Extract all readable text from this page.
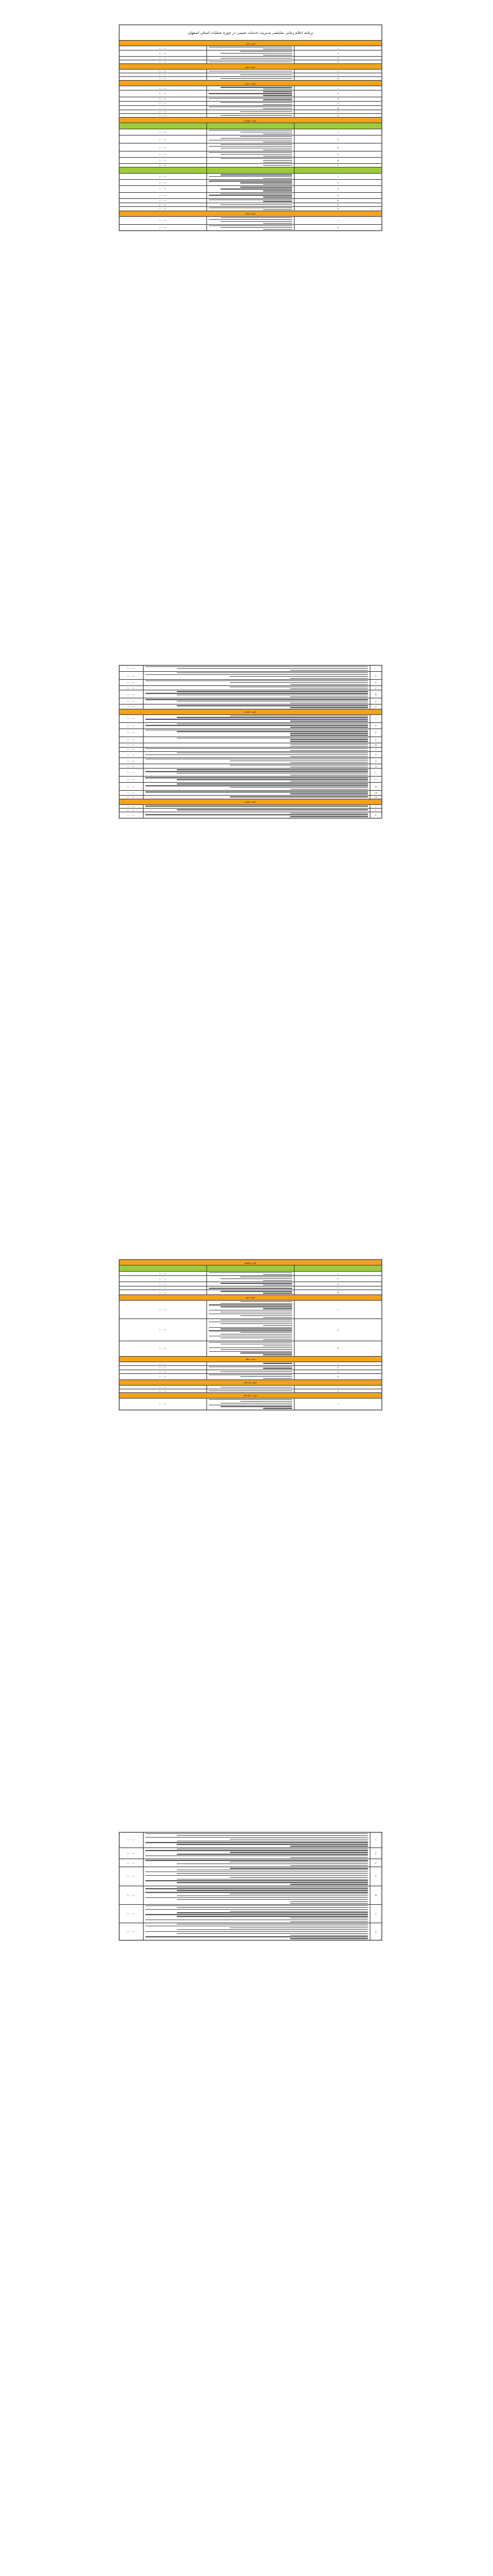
برنامه اعلام زمانی نمایشی مدیریت خدمات شیمی در حوزه عملیات استان اصفهان		
حوزه اول		
۱۰ - ۱۰		۱
۱۰ - ۱۰		۲
۱۰ - ۱۰		۳
۱۰ - ۱۰		۴
حوزه دوم		
۱۰ - ۱۰		۱
۱۰ - ۱۰		۲
۱۰ - ۱۰		۳
حوزه سوم		
۱۰ - ۱۰		۱
۱۰ - ۱۰		۲
۱۰ - ۱۰		۳
۱۰ - ۱۰		۴
۱۰ - ۱۰		۵
۱۰ - ۱۰		۶
۱۰ - ۱۰		۷
حوزه چهارم		

۱۰ - ۱۰		۱
۱۰ - ۱۰		۲
۱۰ - ۱۰		۳
۱۰ - ۱۰		۴
۱۰ - ۱۰		۵
۱۰ - ۱۰		۶

۱۰ - ۱۰		۱
۱۰ - ۱۰		۲
۱۰ - ۱۰		۳
۱۰ - ۱۰		۴
۱۰ - ۱۰		۵
۱۰ - ۱۰		۶
۱۰ - ۱۰		۷
حوزه پنجم		
۱۰ - ۱۰		۱
۱۰ - ۱۰		۲
۱۰ - ۱۰		۱
۱۰ - ۱۰		۲
۱۰ - ۱۰		۳
۱۰ - ۱۰		۴
۱۰ - ۱۰		۵
۱۰ - ۱۰		۶
۱۰ - ۱۰		۷
حوزه ششم		
۱۰ - ۱۰		۱
۱۰ - ۱۰		۲
۱۰ - ۱۰		۳
۱۰ - ۱۰		۴
۱۰ - ۱۰		۵
۱۰ - ۱۰		۶
۱۰ - ۱۰		۷
۱۰ - ۱۰		۸
۱۰ - ۱۰		۹
۱۰ - ۱۰		۱۰
۱۰ - ۱۰		۱۱
۱۰ - ۱۰		۱۲
۱۰ - ۱۰		۱۳
۱۰ - ۱۰		۱۴
حوزه هفتم		
۱۰ - ۱۰		۱
۱۰ - ۱۰		۲
۱۰ - ۱۰		۳
حوزه هشتم		

۱۰ - ۱۰		۱
۱۰ - ۱۰		۲
۱۰ - ۱۰		۳
۱۰ - ۱۰		۴
۱۰ - ۱۰		۵
حوزه نهم		
۱۰ - ۱۰		۱
۱۰ - ۱۰		۲
۱۰ - ۱۰		۳
حوزه دهم		
۱۰ - ۱۰		۱
۱۰ - ۱۰		۲
۱۰ - ۱۰		۳
۱۰ - ۱۰		۴
حوزه یازدهم		
۱۰ - ۱۰		۱
۱۰ - ۱۰		۲
حوزه دوازدهم		
۱۰ - ۱۰		۱
۱۰ - ۱۰		۱
۱۰ - ۱۰		۲
۱۰ - ۱۰		۳
۱۰ - ۱۰		۴
۱۰ - ۱۰		۵
۱۰ - ۱۰		۶
۱۰ - ۱۰		۷
